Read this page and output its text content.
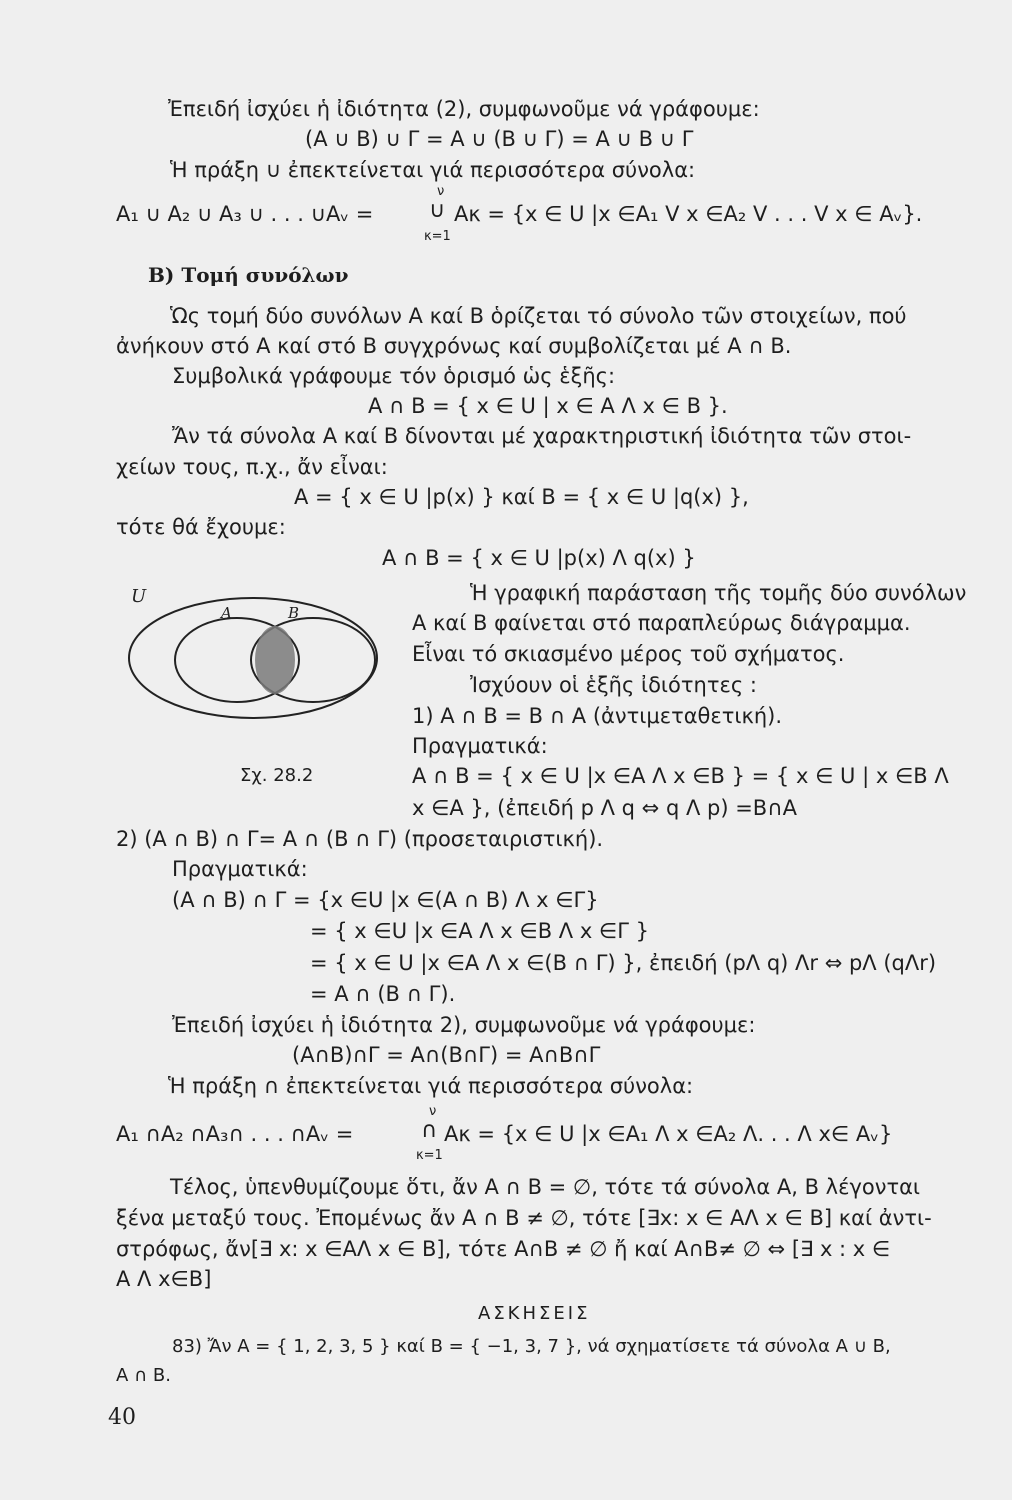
Ἐπειδή ἰσχύει ἡ ἰδιότητα (2), συμφωνοῦμε νά γράφουμε:
(A ∪ B) ∪ Γ = A ∪ (B ∪ Γ) = A ∪ B ∪ Γ
Ἡ πράξη ∪ ἐπεκτείνεται γιά περισσότερα σύνολα:
A₁ ∪ A₂ ∪ A₃ ∪ . . . ∪Aᵥ =
ν
∪
κ=1
Aκ = {x ∈ U |x ∈A₁ V x ∈A₂ V . . . V x ∈ Aᵥ}.
B) Τομή συνόλων
Ὡς τομή δύο συνόλων A καί B ὁρίζεται τό σύνολο τῶν στοιχείων, πού
ἀνήκουν στό A καί στό B συγχρόνως καί συμβολίζεται μέ A ∩ B.
Συμβολικά γράφουμε τόν ὁρισμό ὡς ἑξῆς:
A ∩ B = { x ∈ U | x ∈ A Λ x ∈ B }.
Ἄν τά σύνολα A καί B δίνονται μέ χαρακτηριστική ἰδιότητα τῶν στοι-
χείων τους, π.χ., ἄν εἶναι:
A = { x ∈ U |p(x) } καί B = { x ∈ U |q(x) },
τότε θά ἔχουμε:
A ∩ B = { x ∈ U |p(x) Λ q(x) }
U
A	B
Ἡ γραφική παράσταση τῆς τομῆς δύο συνόλων
A καί B φαίνεται στό παραπλεύρως διάγραμμα.
Εἶναι τό σκιασμένο μέρος τοῦ σχήματος.
Ἰσχύουν οἱ ἑξῆς ἰδιότητες :
1) A ∩ B = B ∩ A (ἀντιμεταθετική).
Πραγματικά:
Σχ. 28.2	A ∩ B = { x ∈ U |x ∈A Λ x ∈B } = { x ∈ U | x ∈B Λ
x ∈A }, (ἐπειδή p Λ q ⇔ q Λ p) =B∩A
2) (A ∩ B) ∩ Γ= A ∩ (B ∩ Γ) (προσεταιριστική).
Πραγματικά:
(A ∩ B) ∩ Γ = {x ∈U |x ∈(A ∩ B) Λ x ∈Γ}
= { x ∈U |x ∈A Λ x ∈B Λ x ∈Γ }
= { x ∈ U |x ∈A Λ x ∈(B ∩ Γ) }, ἐπειδή (pΛ q) Λr ⇔ pΛ (qΛr)
= A ∩ (B ∩ Γ).
Ἐπειδή ἰσχύει ἡ ἰδιότητα 2), συμφωνοῦμε νά γράφουμε:
(A∩B)∩Γ = A∩(B∩Γ) = A∩B∩Γ
Ἡ πράξη ∩ ἐπεκτείνεται γιά περισσότερα σύνολα:
A₁ ∩A₂ ∩A₃∩ . . . ∩Aᵥ =
ν
∩
κ=1
Aκ = {x ∈ U |x ∈A₁ Λ x ∈A₂ Λ. . . Λ x∈ Aᵥ}
Τέλος, ὑπενθυμίζουμε ὅτι, ἄν A ∩ B = ∅, τότε τά σύνολα A, B λέγονται
ξένα μεταξύ τους. Ἐπομένως ἄν A ∩ B ≠ ∅, τότε [∃x: x ∈ AΛ x ∈ B] καί ἀντι-
στρόφως, ἄν[∃ x: x ∈AΛ x ∈ B], τότε A∩B ≠ ∅ ἤ καί A∩B≠ ∅ ⇔ [∃ x : x ∈
A Λ x∈B]
ΑΣΚΗΣΕΙΣ
83) Ἄν A = { 1, 2, 3, 5 } καί B = { −1, 3, 7 }, νά σχηματίσετε τά σύνολα A ∪ B,
A ∩ B.
40
